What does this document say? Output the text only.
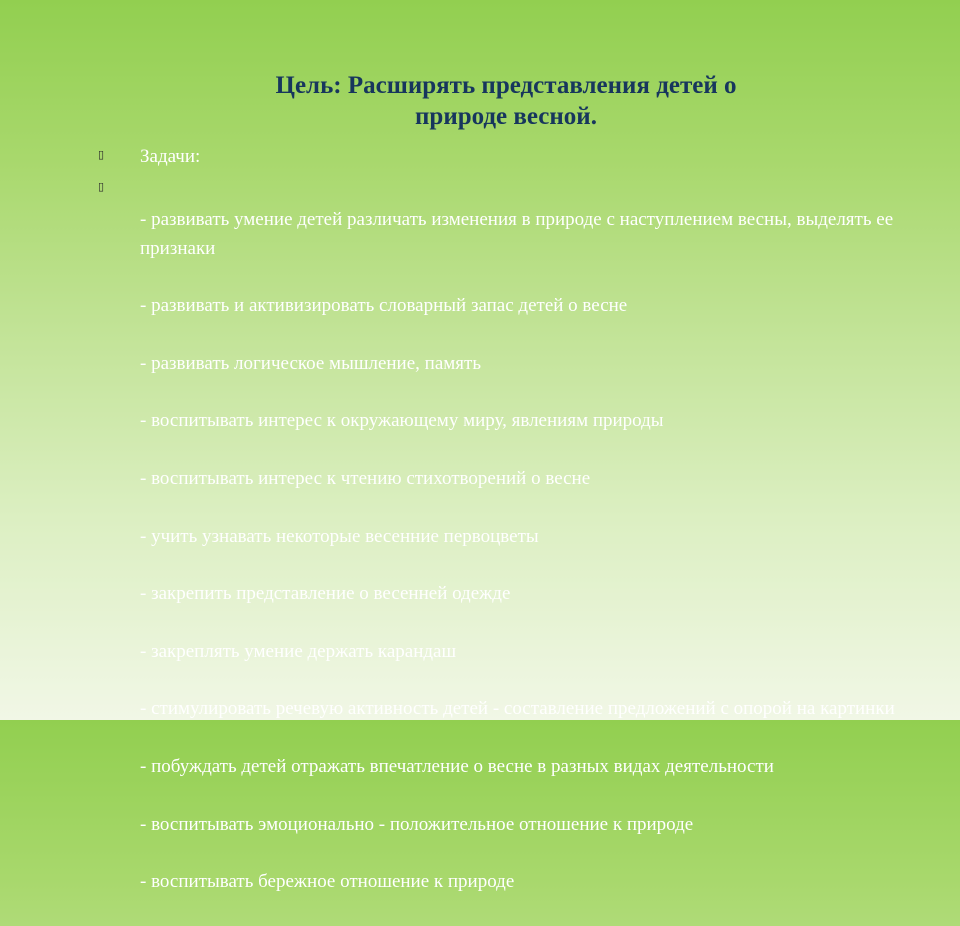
Цель: Расширять представления детей о
природе весной.
▯ Задачи:
▯

- развивать умение детей различать изменения в природе с наступлением весны, выделять ее признаки

- развивать и активизировать словарный запас детей о весне

- развивать логическое мышление, память

- воспитывать интерес к окружающему миру, явлениям природы

- воспитывать интерес к чтению стихотворений о весне

- учить узнавать некоторые весенние первоцветы

- закрепить представление о весенней одежде

- закреплять умение держать карандаш

- стимулировать речевую активность детей - составление предложений с опорой на картинки

- побуждать детей отражать впечатление о весне в разных видах деятельности

- воспитывать эмоционально - положительное отношение к природе

- воспитывать бережное отношение к природе
